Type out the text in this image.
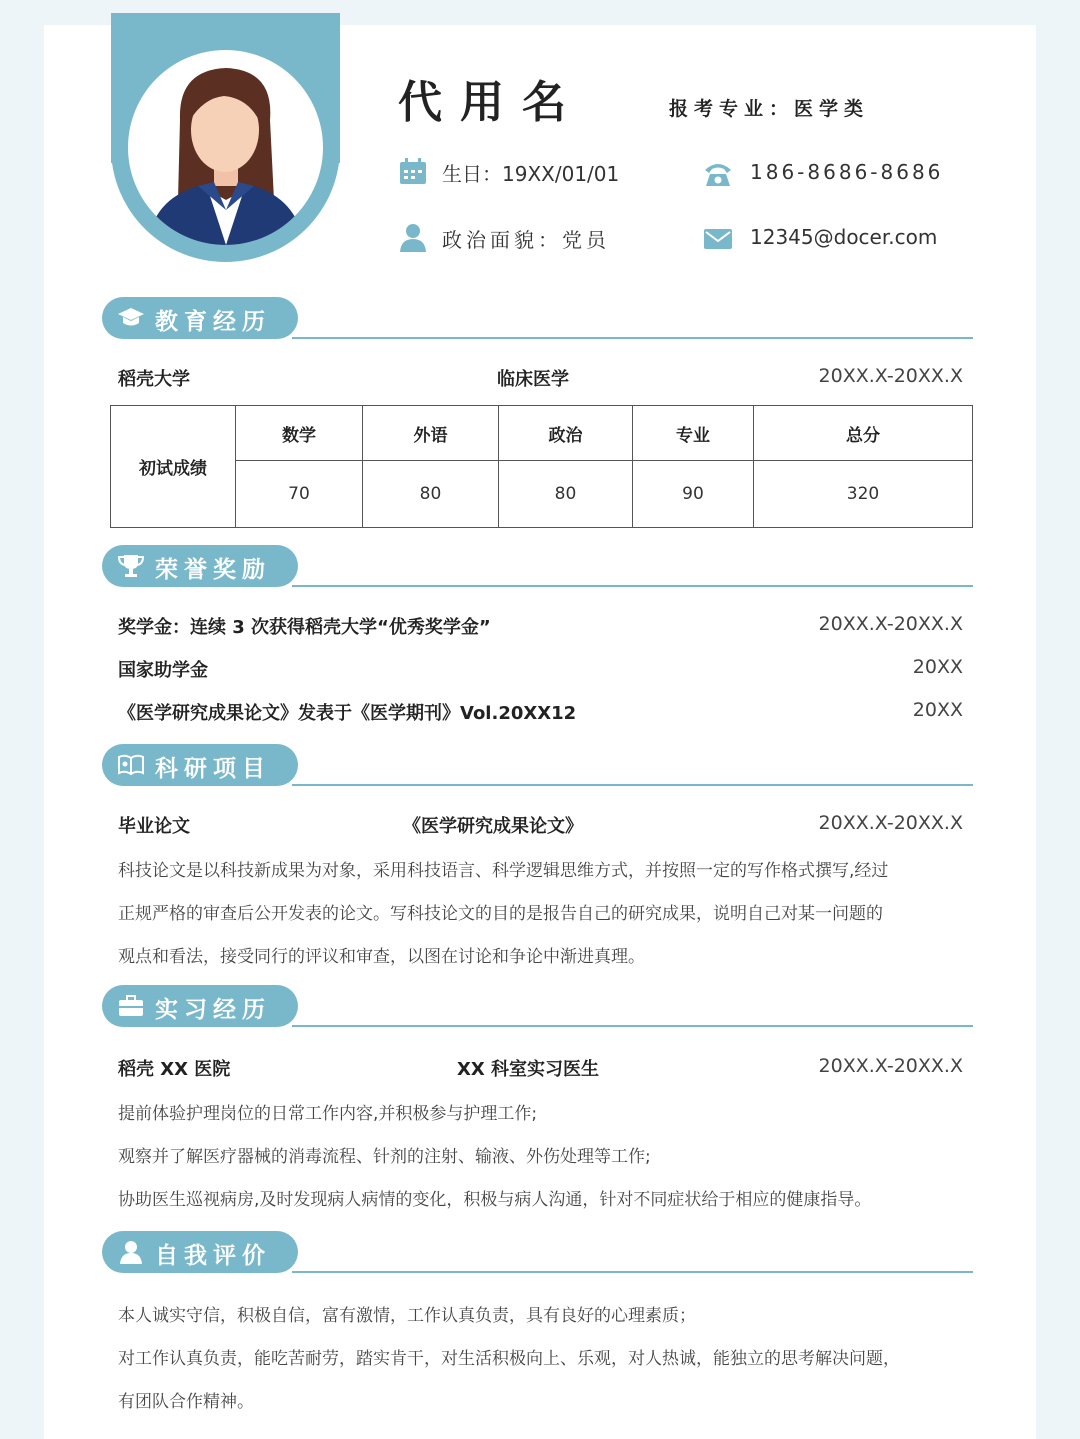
代用名	报考专业：医学类
生日：19XX/01/01
政治面貌：党员
186-8686-8686
12345@docer.com
教育经历
稻壳大学	临床医学	20XX.X-20XX.X
初试成绩	数学	外语	政治	专业	总分
	70	80	80	90	320
荣誉奖励
奖学金：连续 3 次获得稻壳大学“优秀奖学金”	20XX.X-20XX.X
国家助学金	20XX
《医学研究成果论文》发表于《医学期刊》Vol.20XX12	20XX
科研项目
毕业论文	《医学研究成果论文》	20XX.X-20XX.X
科技论文是以科技新成果为对象，采用科技语言、科学逻辑思维方式，并按照一定的写作格式撰写,经过
正规严格的审查后公开发表的论文。写科技论文的目的是报告自己的研究成果，说明自己对某一问题的
观点和看法，接受同行的评议和审查，以图在讨论和争论中渐进真理。
实习经历
稻壳 XX 医院	XX 科室实习医生	20XX.X-20XX.X
提前体验护理岗位的日常工作内容,并积极参与护理工作;
观察并了解医疗器械的消毒流程、针剂的注射、输液、外伤处理等工作;
协助医生巡视病房,及时发现病人病情的变化，积极与病人沟通，针对不同症状给于相应的健康指导。
自我评价
本人诚实守信，积极自信，富有激情，工作认真负责，具有良好的心理素质；
对工作认真负责，能吃苦耐劳，踏实肯干，对生活积极向上、乐观，对人热诚，能独立的思考解决问题，
有团队合作精神。
